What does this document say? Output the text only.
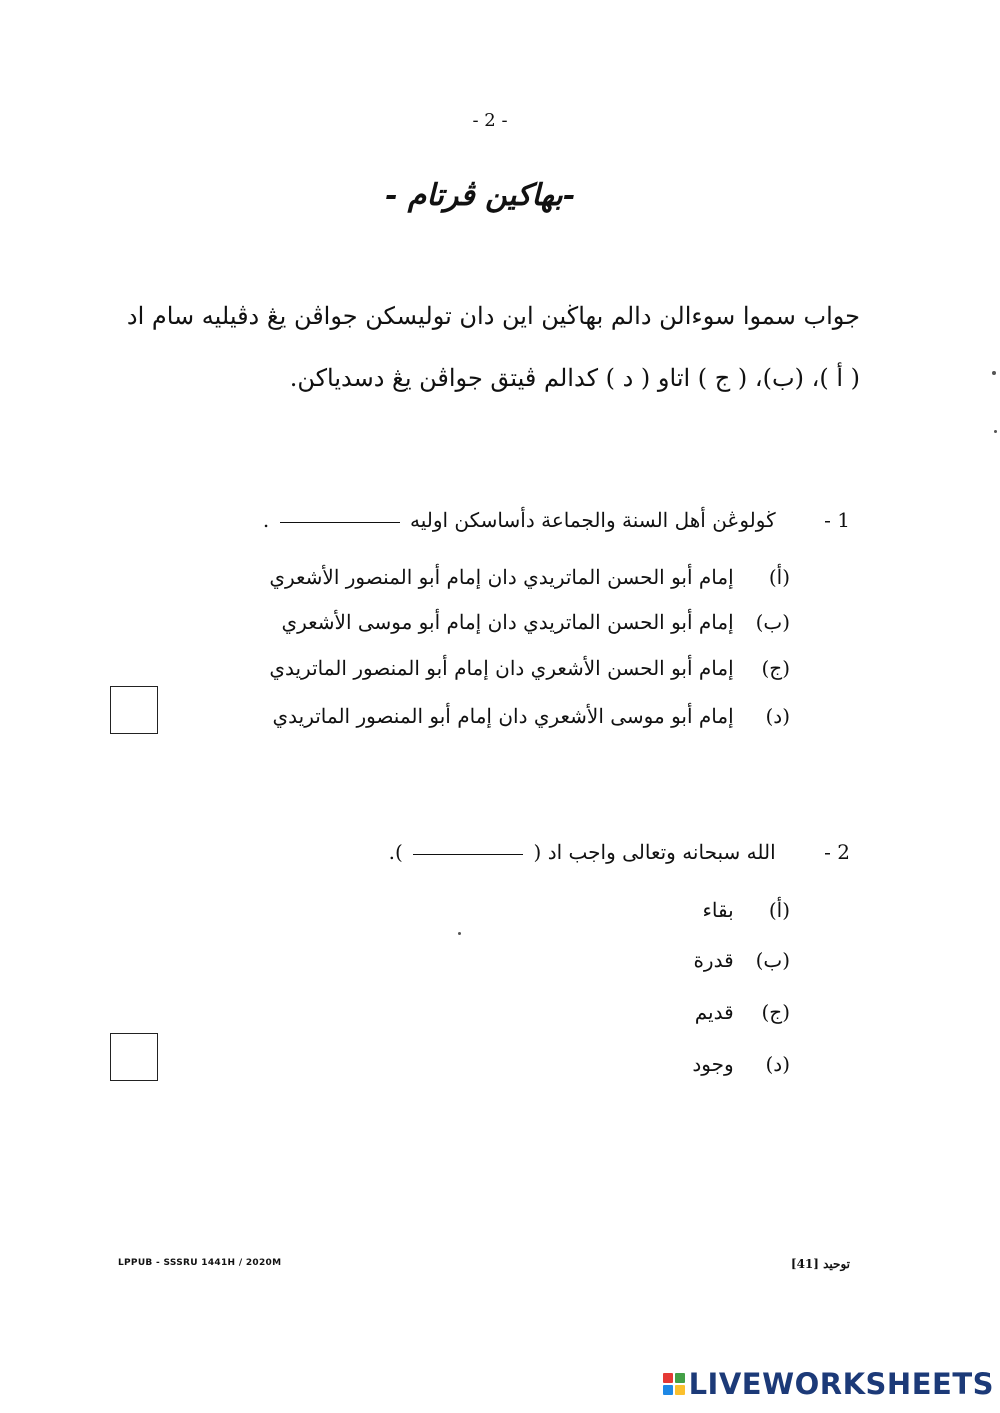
- 2 -
-بهاكين ڤرتام -
جواب سموا سوءالن دالم بهاڬين اين دان توليسكن جواڤن يڠ دڤيليه سام اد ( أ )، (ب)، ( ج ) اتاو ( د ) كدالم ڤيتق جواڤن يڠ دسدياكن.
1 - ڬولوڠن أهل السنة والجماعة دأساسكن اوليه  .
(أ) إمام أبو الحسن الماتريدي دان إمام أبو المنصور الأشعري
(ب) إمام أبو الحسن الماتريدي دان إمام أبو موسى الأشعري
(ج) إمام أبو الحسن الأشعري دان إمام أبو المنصور الماتريدي
(د) إمام أبو موسى الأشعري دان إمام أبو المنصور الماتريدي
2 - الله سبحانه وتعالى واجب اد (  ).
(أ) بقاء
(ب) قدرة
(ج) قديم
(د) وجود
LPPUB - SSSRU 1441H / 2020M	توحيد [41]
LIVEWORKSHEETS
